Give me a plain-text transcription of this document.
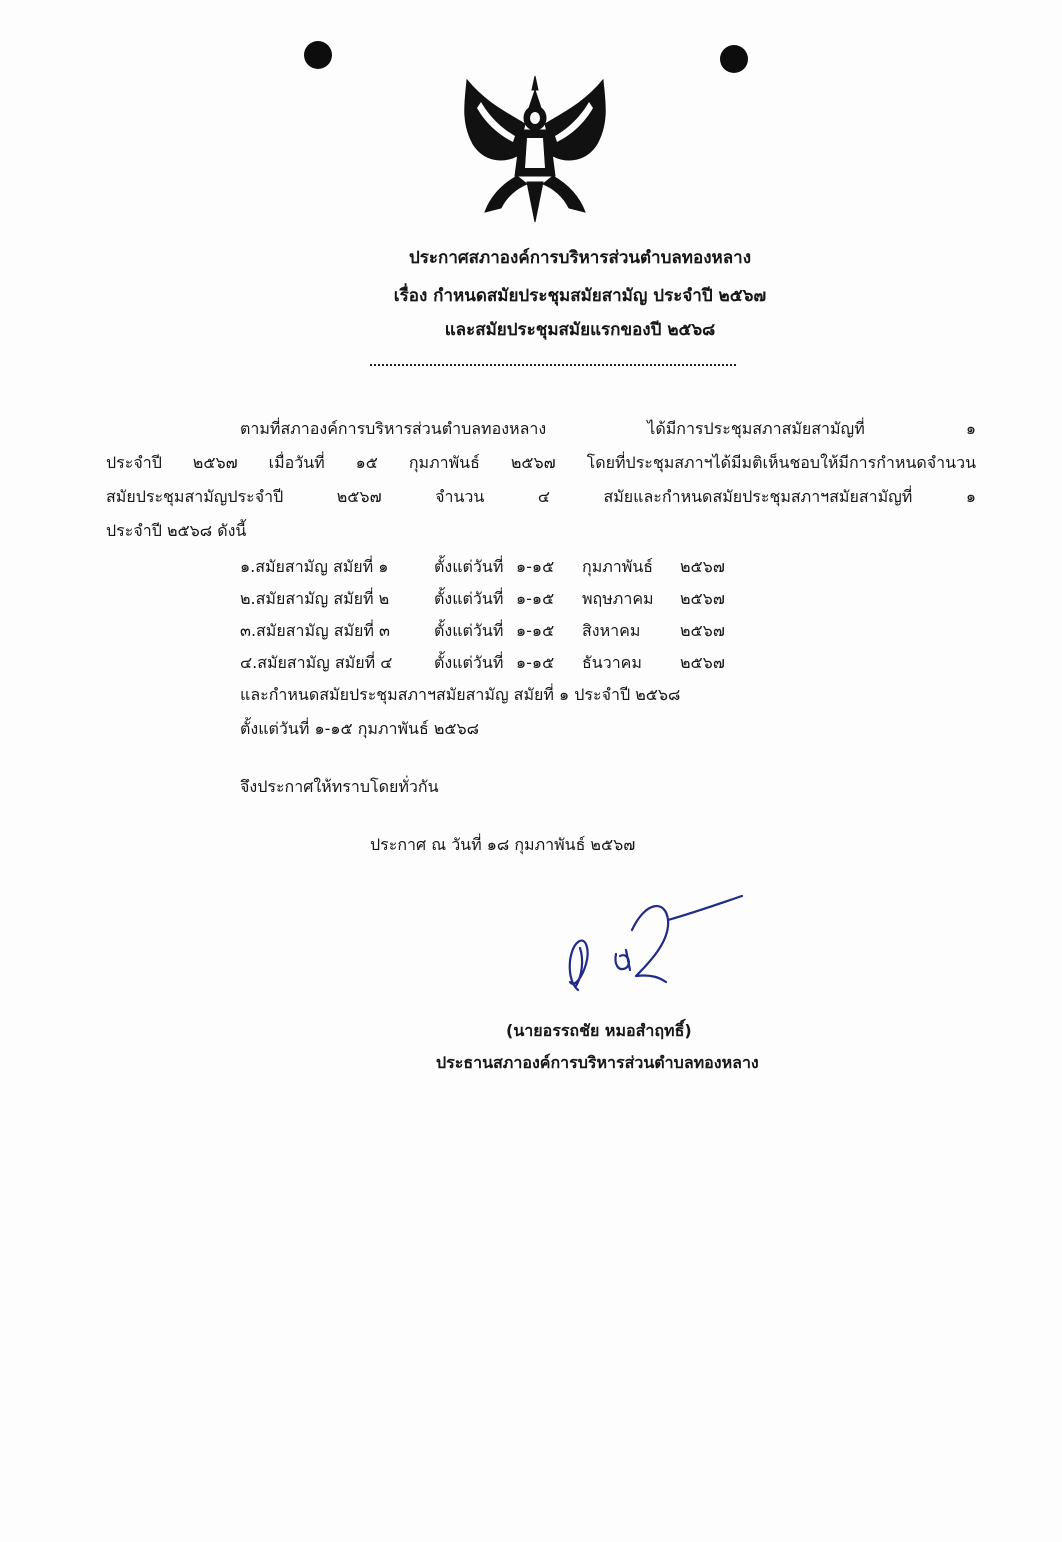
ประกาศสภาองค์การบริหารส่วนตำบลทองหลาง
เรื่อง กำหนดสมัยประชุมสมัยสามัญ ประจำปี ๒๕๖๗
และสมัยประชุมสมัยแรกของปี ๒๕๖๘
ตามที่สภาองค์การบริหารส่วนตำบลทองหลาง ได้มีการประชุมสภาสมัยสามัญที่ ๑
ประจำปี ๒๕๖๗ เมื่อวันที่ ๑๕ กุมภาพันธ์ ๒๕๖๗ โดยที่ประชุมสภาฯได้มีมติเห็นชอบให้มีการกำหนดจำนวน
สมัยประชุมสามัญประจำปี ๒๕๖๗ จำนวน ๔ สมัยและกำหนดสมัยประชุมสภาฯสมัยสามัญที่ ๑
ประจำปี ๒๕๖๘ ดังนี้
๑.สมัยสามัญ สมัยที่ ๑	ตั้งแต่วันที่ ๑-๑๕ กุมภาพันธ์ ๒๕๖๗
๒.สมัยสามัญ สมัยที่ ๒	ตั้งแต่วันที่ ๑-๑๕ พฤษภาคม ๒๕๖๗
๓.สมัยสามัญ สมัยที่ ๓	ตั้งแต่วันที่ ๑-๑๕ สิงหาคม ๒๕๖๗
๔.สมัยสามัญ สมัยที่ ๔	ตั้งแต่วันที่ ๑-๑๕ ธันวาคม ๒๕๖๗
และกำหนดสมัยประชุมสภาฯสมัยสามัญ สมัยที่ ๑ ประจำปี ๒๕๖๘
ตั้งแต่วันที่ ๑-๑๕ กุมภาพันธ์ ๒๕๖๘
จึงประกาศให้ทราบโดยทั่วกัน
ประกาศ ณ วันที่ ๑๘ กุมภาพันธ์ ๒๕๖๗
(นายอรรถชัย หมอสำฤทธิ์)
ประธานสภาองค์การบริหารส่วนตำบลทองหลาง
